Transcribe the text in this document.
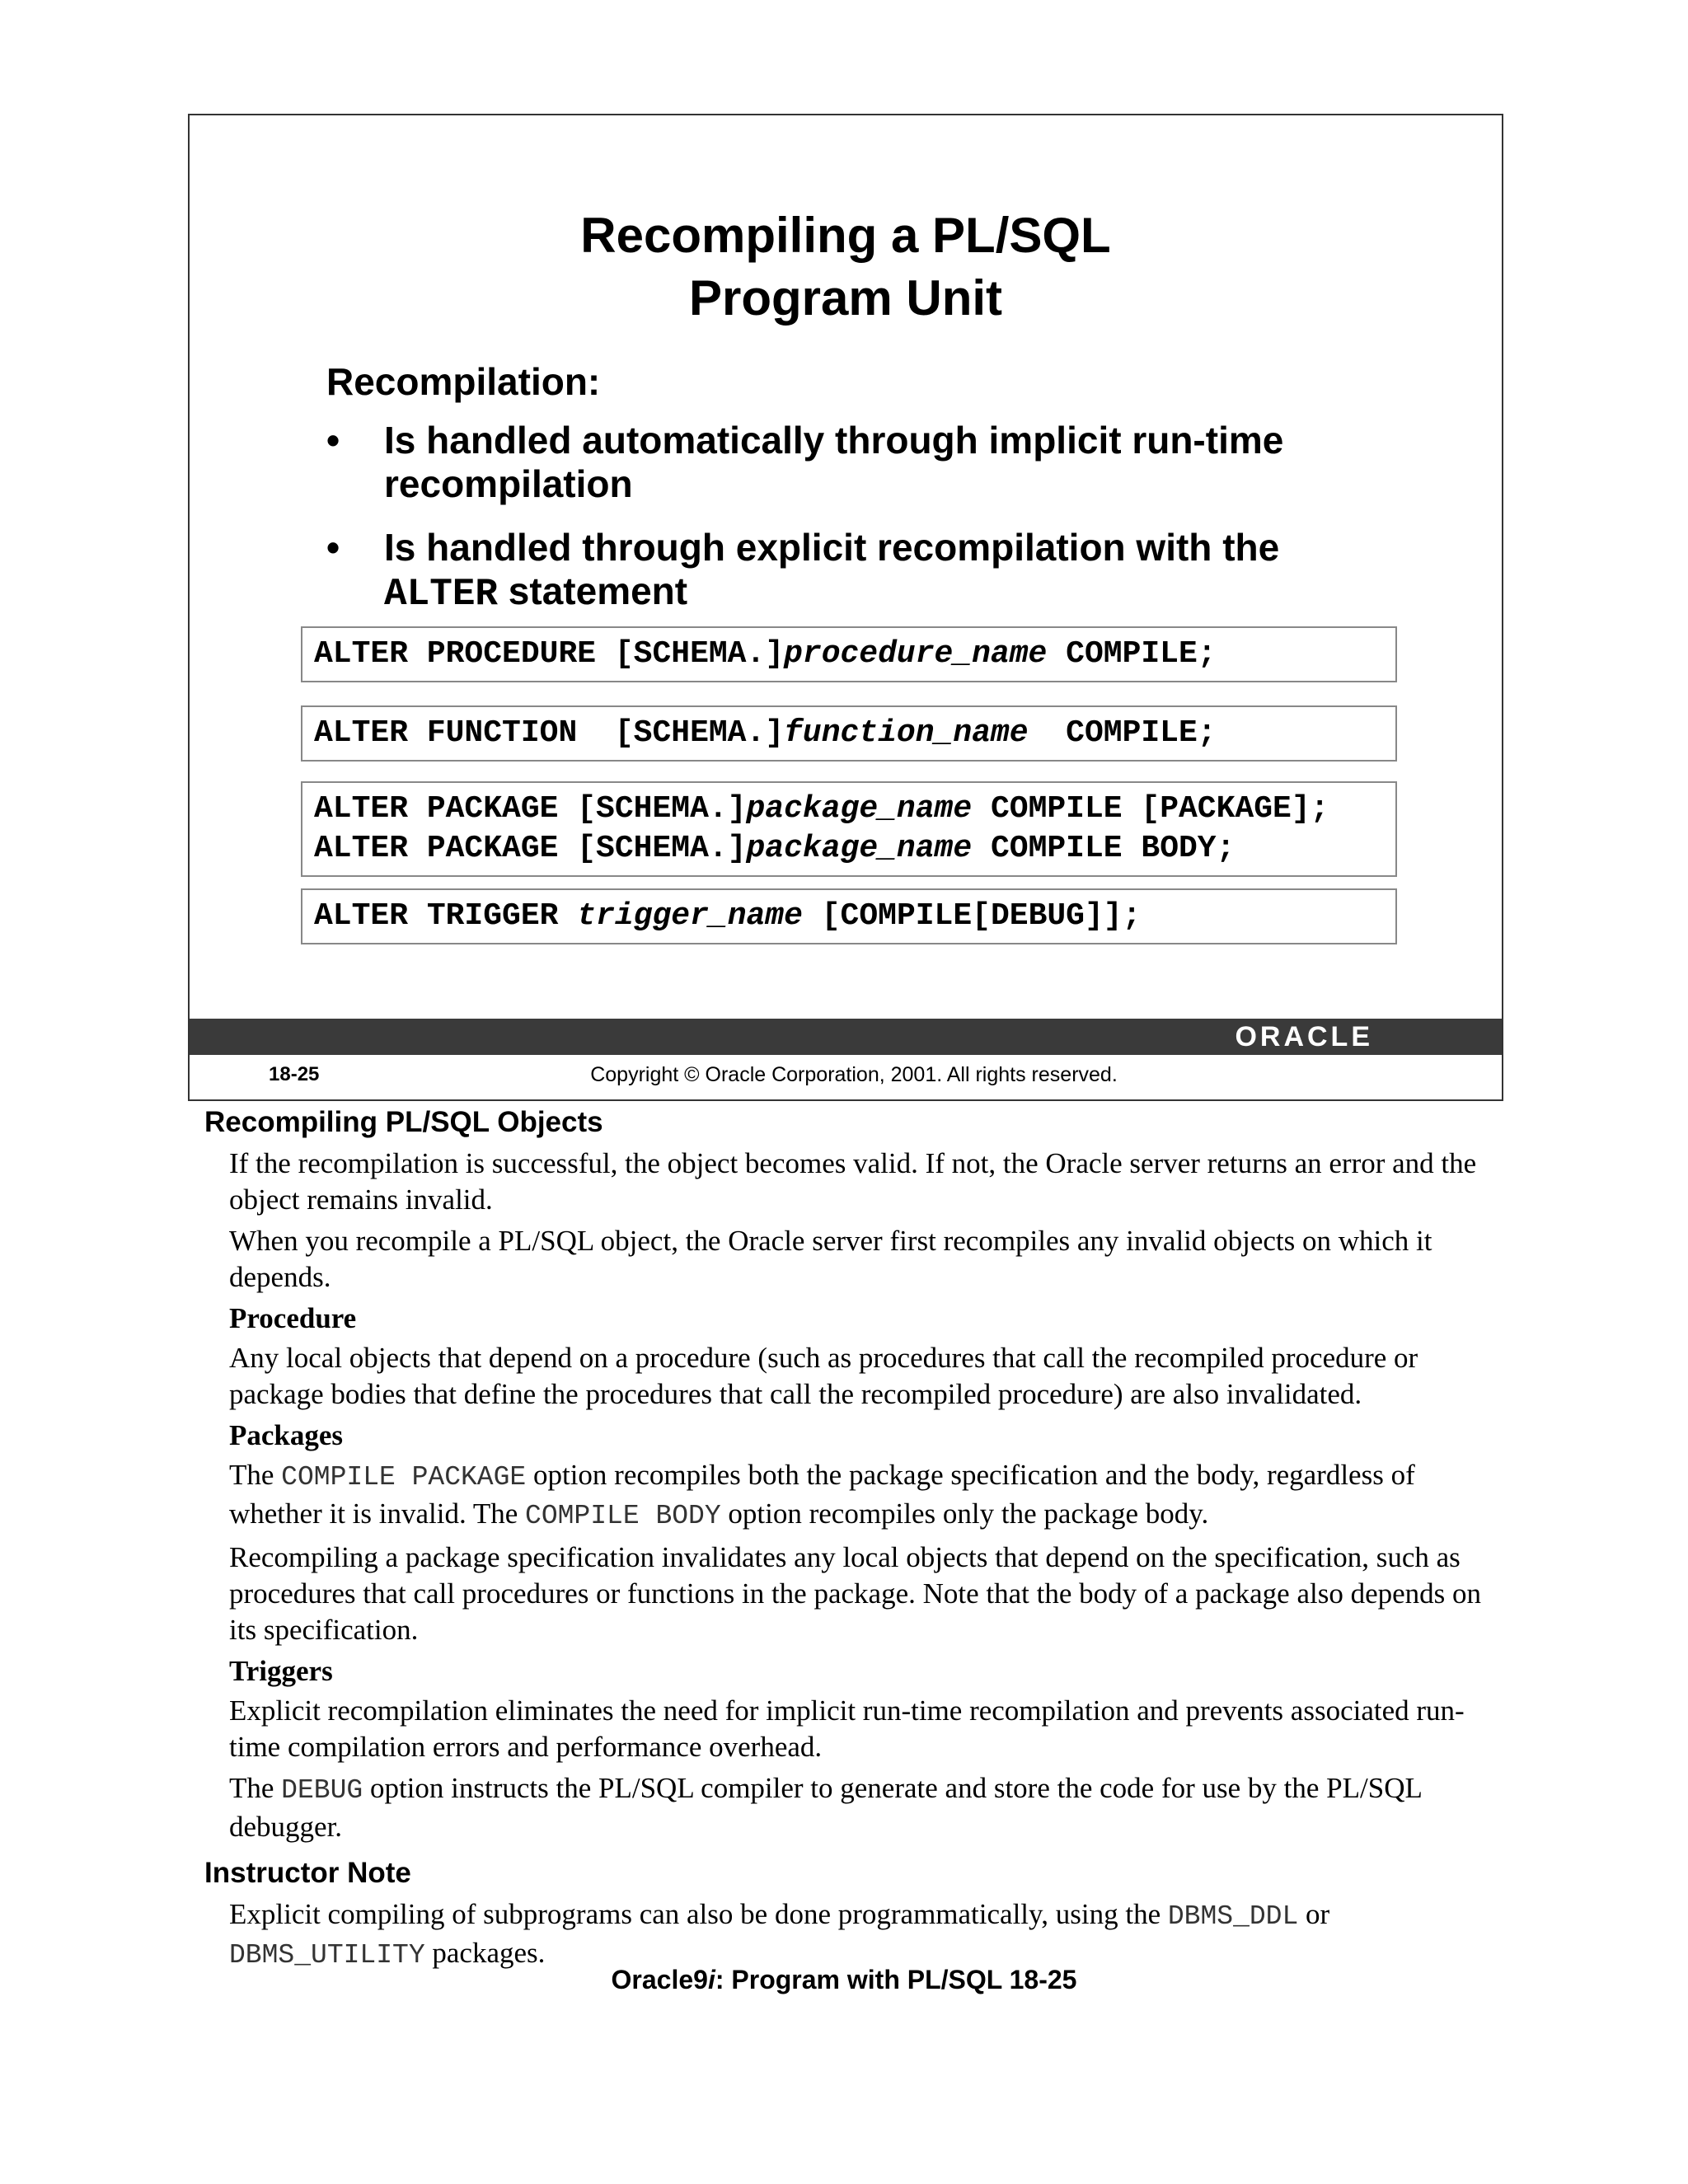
Recompiling a PL/SQL
Program Unit
Recompilation:
•	Is handled automatically through implicit run-time recompilation
•	Is handled through explicit recompilation with the
ALTER statement
ALTER PROCEDURE [SCHEMA.]procedure_name COMPILE;
ALTER FUNCTION  [SCHEMA.]function_name  COMPILE;
ALTER PACKAGE [SCHEMA.]package_name COMPILE [PACKAGE];
ALTER PACKAGE [SCHEMA.]package_name COMPILE BODY;
ALTER TRIGGER trigger_name [COMPILE[DEBUG]];
ORACLE
18-25	Copyright © Oracle Corporation, 2001. All rights reserved.
Recompiling PL/SQL Objects
If the recompilation is successful, the object becomes valid. If not, the Oracle server returns an error and the object remains invalid.
When you recompile a PL/SQL object, the Oracle server first recompiles any invalid objects on which it depends.
Procedure
Any local objects that depend on a procedure (such as procedures that call the recompiled procedure or package bodies that define the procedures that call the recompiled procedure) are also invalidated.
Packages
The COMPILE PACKAGE option recompiles both the package specification and the body, regardless of whether it is invalid. The COMPILE BODY option recompiles only the package body.
Recompiling a package specification invalidates any local objects that depend on the specification, such as procedures that call procedures or functions in the package. Note that the body of a package also depends on its specification.
Triggers
Explicit recompilation eliminates the need for implicit run-time recompilation and prevents associated run-time compilation errors and performance overhead.
The DEBUG option instructs the PL/SQL compiler to generate and store the code for use by the PL/SQL debugger.
Instructor Note
Explicit compiling of subprograms can also be done programmatically, using the DBMS_DDL or DBMS_UTILITY packages.
Oracle9i: Program with PL/SQL 18-25
